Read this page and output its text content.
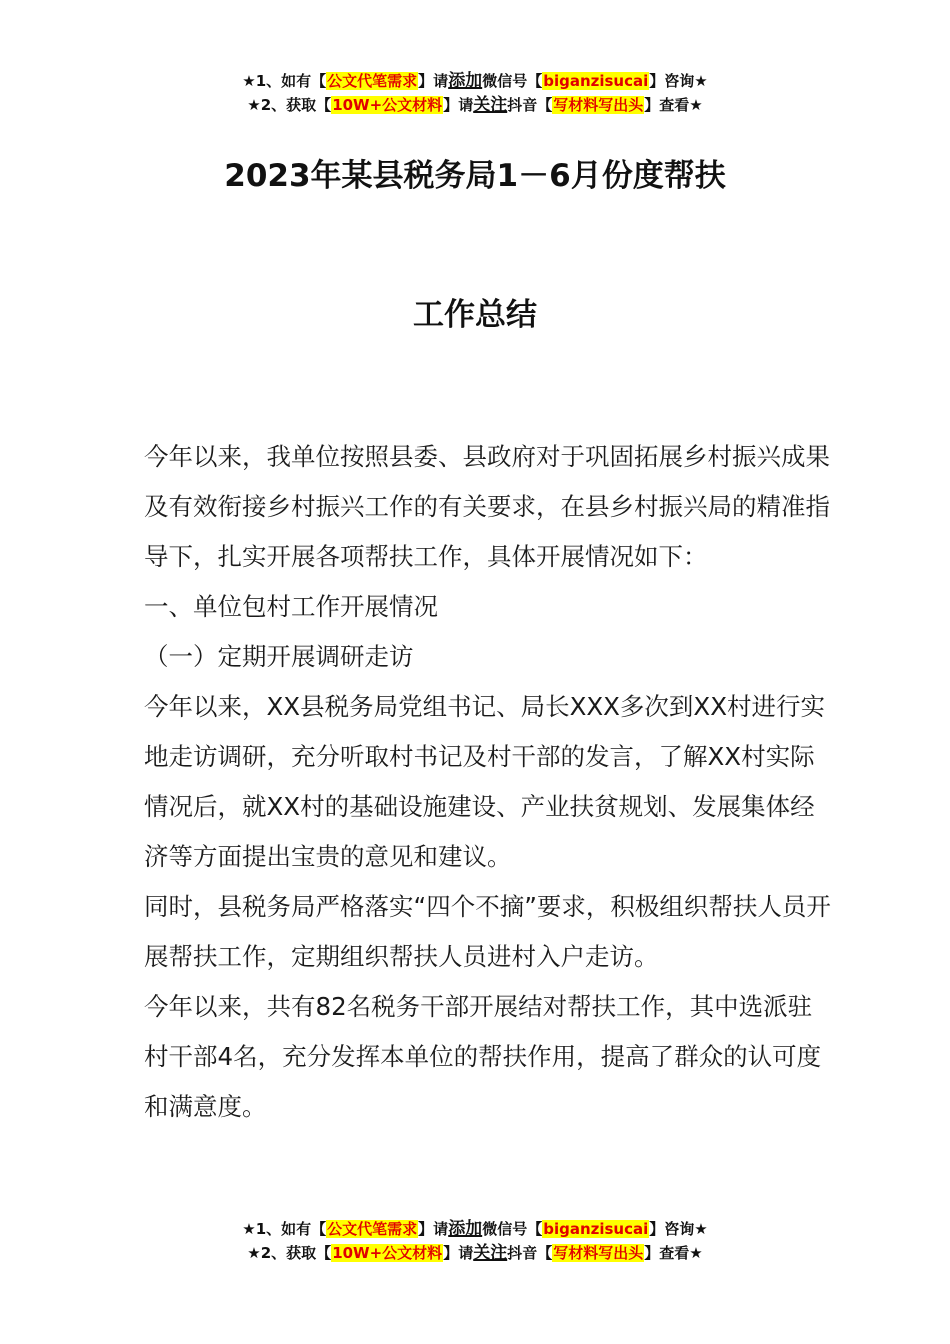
★1、如有【公文代笔需求】请添加微信号【biganzisucai】咨询★
★2、获取【10W+公文材料】请关注抖音【写材料写出头】查看★
2023年某县税务局1－6月份度帮扶
工作总结

今年以来，我单位按照县委、县政府对于巩固拓展乡村振兴成果及有效衔接乡村振兴工作的有关要求，在县乡村振兴局的精准指导下，扎实开展各项帮扶工作，具体开展情况如下：

一、单位包村工作开展情况

（一）定期开展调研走访

今年以来，XX县税务局党组书记、局长XXX多次到XX村进行实地走访调研，充分听取村书记及村干部的发言，了解XX村实际情况后，就XX村的基础设施建设、产业扶贫规划、发展集体经济等方面提出宝贵的意见和建议。

同时，县税务局严格落实“四个不摘”要求，积极组织帮扶人员开展帮扶工作，定期组织帮扶人员进村入户走访。

今年以来，共有82名税务干部开展结对帮扶工作，其中选派驻村干部4名，充分发挥本单位的帮扶作用，提高了群众的认可度和满意度。

★1、如有【公文代笔需求】请添加微信号【biganzisucai】咨询★
★2、获取【10W+公文材料】请关注抖音【写材料写出头】查看★
